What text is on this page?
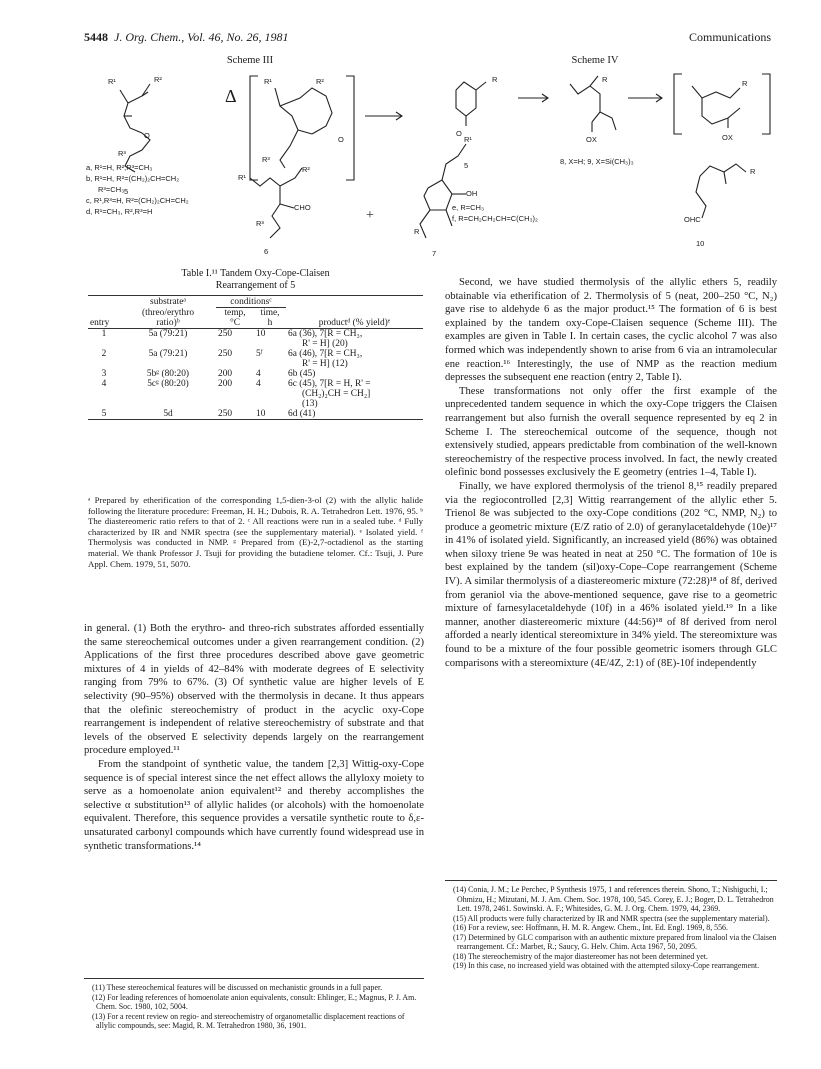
5448 J. Org. Chem., Vol. 46, No. 26, 1981	Communications
Scheme III
R¹	R²
O
R³
5
Δ
R¹	R²
O
R³
R¹
R²
CHO
R³
6
+
R¹
OH
R
7
a, R¹=H, R²,R³=CH₃
b, R¹=H, R²=(CH₂)₂CH=CH₂
R³=CH₃
c, R¹,R³=H, R²=(CH₂)₂CH=CH₂
d, R¹=CH₃, R²,R³=H
Scheme IV
R
O
5
R
OX
R
OX
R
OHC
10
8, X=H; 9, X=Si(CH₃)₃
e, R=CH₃
f, R=CH₂CH₂CH=C(CH₃)₂
Table I.¹¹ Tandem Oxy-Cope-Claisen
Rearrangement of 5
	substrateᵃ	conditionsᶜ		
	(threo/erythro	temp,	time,	
entry	ratio)ᵇ	°C	h	productᵈ (% yield)ᵉ
1	5a (79:21)	250	10	6a (36), 7[R = CH₃,
R' = H] (20)

2	5a (79:21)	250	5ᶠ	6a (46), 7[R = CH₃,
R' = H] (12)

3	5bᵍ (80:20)	200	4	6b (45)
4	5cᵍ (80:20)	200	4	6c (45), 7[R = H, R' =
(CH₂)₂CH = CH₂]
(13)

5	5d	250	10	6d (41)
ᵃ Prepared by etherification of the corresponding 1,5-dien-3-ol (2) with the allylic halide following the literature procedure: Freeman, H. H.; Dubois, R. A. Tetrahedron Lett. 1976, 95. ᵇ The diastereomeric ratio refers to that of 2. ᶜ All reactions were run in a sealed tube. ᵈ Fully characterized by IR and NMR spectra (see the supplementary material). ᵉ Isolated yield. ᶠ Thermolysis was conducted in NMP. ᵍ Prepared from (E)-2,7-octadienol as the starting material. We thank Professor J. Tsuji for providing the butadiene telomer. Cf.: Tsuji, J. Pure Appl. Chem. 1979, 51, 5070.

in general. (1) Both the erythro- and threo-rich substrates afforded essentially the same stereochemical outcomes under a given rearrangement condition. (2) Applications of the first three procedures described above gave geometric mixtures of 4 in yields of 42–84% with moderate degrees of E selectivity ranging from 79% to 67%. (3) Of synthetic value are higher levels of E selectivity (90–95%) observed with the thermolysis in decane. It thus appears that the olefinic stereochemistry of product in the acyclic oxy-Cope rearrangement is independent of relative stereochemistry of substrate and that levels of the observed E selectivity depends largely on the rearrangement procedure employed.¹¹

From the standpoint of synthetic value, the tandem [2,3] Wittig-oxy-Cope sequence is of special interest since the net effect allows the allyloxy moiety to serve as a homoenolate anion equivalent¹² and thereby accomplishes the selective α substitution¹³ of allylic halides (or alcohols) with the homoenolate equivalent. Therefore, this sequence provides a versatile synthetic route to δ,ε-unsaturated carbonyl compounds which have currently found widespread use in synthetic transformations.¹⁴

Second, we have studied thermolysis of the allylic ethers 5, readily obtainable via etherification of 2. Thermolysis of 5 (neat, 200–250 °C, N₂) gave rise to aldehyde 6 as the major product.¹⁵ The formation of 6 is best explained by the tandem oxy-Cope-Claisen sequence (Scheme III). The examples are given in Table I. In certain cases, the cyclic alcohol 7 was also formed which was independently shown to arise from 6 via an intramolecular ene reaction.¹⁶ Interestingly, the use of NMP as the reaction medium depresses the subsequent ene reaction (entry 2, Table I).

These transformations not only offer the first example of the unprecedented tandem sequence in which the oxy-Cope triggers the Claisen rearrangement but also furnish the overall sequence represented by eq 2 in Scheme I. The stereochemical outcome of the sequence, though not extensively studied, appears predictable from combination of the well-known stereochemistry of the respective process involved. In fact, the newly created olefinic bond possesses exclusively the E geometry (entries 1–4, Table I).

Finally, we have explored thermolysis of the trienol 8,¹⁵ readily prepared via the regiocontrolled [2,3] Wittig rearrangement of the allylic ether 5. Trienol 8e was subjected to the oxy-Cope conditions (202 °C, NMP, N₂) to produce a geometric mixture (E/Z ratio of 2.0) of geranylacetaldehyde (10e)¹⁷ in 41% of isolated yield. Significantly, an increased yield (86%) was obtained when siloxy triene 9e was heated in neat at 250 °C. The formation of 10e is best explained by the tandem (sil)oxy-Cope–Cope rearrangement (Scheme IV). A similar thermolysis of a diastereomeric mixture (72:28)¹⁸ of 8f, derived from geraniol via the above-mentioned sequence, gave rise to a geometric mixture of farnesylacetaldehyde (10f) in a 46% isolated yield.¹⁹ In a like manner, another diastereomeric mixture (44:56)¹⁸ of 8f derived from nerol afforded a nearly identical stereomixture in 34% yield. The stereomixture was found to be a mixture of the four possible geometric isomers through GLC comparisons with a stereomixture (4E/4Z, 2:1) of (8E)-10f independently

(11) These stereochemical features will be discussed on mechanistic grounds in a full paper.

(12) For leading references of homoenolate anion equivalents, consult: Ehlinger, E.; Magnus, P. J. Am. Chem. Soc. 1980, 102, 5004.

(13) For a recent review on regio- and stereochemistry of organometallic displacement reactions of allylic compounds, see: Magid, R. M. Tetrahedron 1980, 36, 1901.

(14) Conia, J. M.; Le Perchec, P Synthesis 1975, 1 and references therein. Shono, T.; Nishiguchi, I.; Ohmizu, H.; Mizutani, M. J. Am. Chem. Soc. 1978, 100, 545. Corey, E. J.; Boger, D. L. Tetrahedron Lett. 1978, 2461. Sowinski. A. F.; Whitesides, G. M. J. Org. Chem. 1979, 44, 2369.

(15) All products were fully characterized by IR and NMR spectra (see the supplementary material).

(16) For a review, see: Hoffmann, H. M. R. Angew. Chem., Int. Ed. Engl. 1969, 8, 556.

(17) Determined by GLC comparison with an authentic mixture prepared from linalool via the Claisen rearrangement. Cf.: Marbet, R.; Saucy, G. Helv. Chim. Acta 1967, 50, 2095.

(18) The stereochemistry of the major diastereomer has not been determined yet.

(19) In this case, no increased yield was obtained with the attempted siloxy-Cope rearrangement.
